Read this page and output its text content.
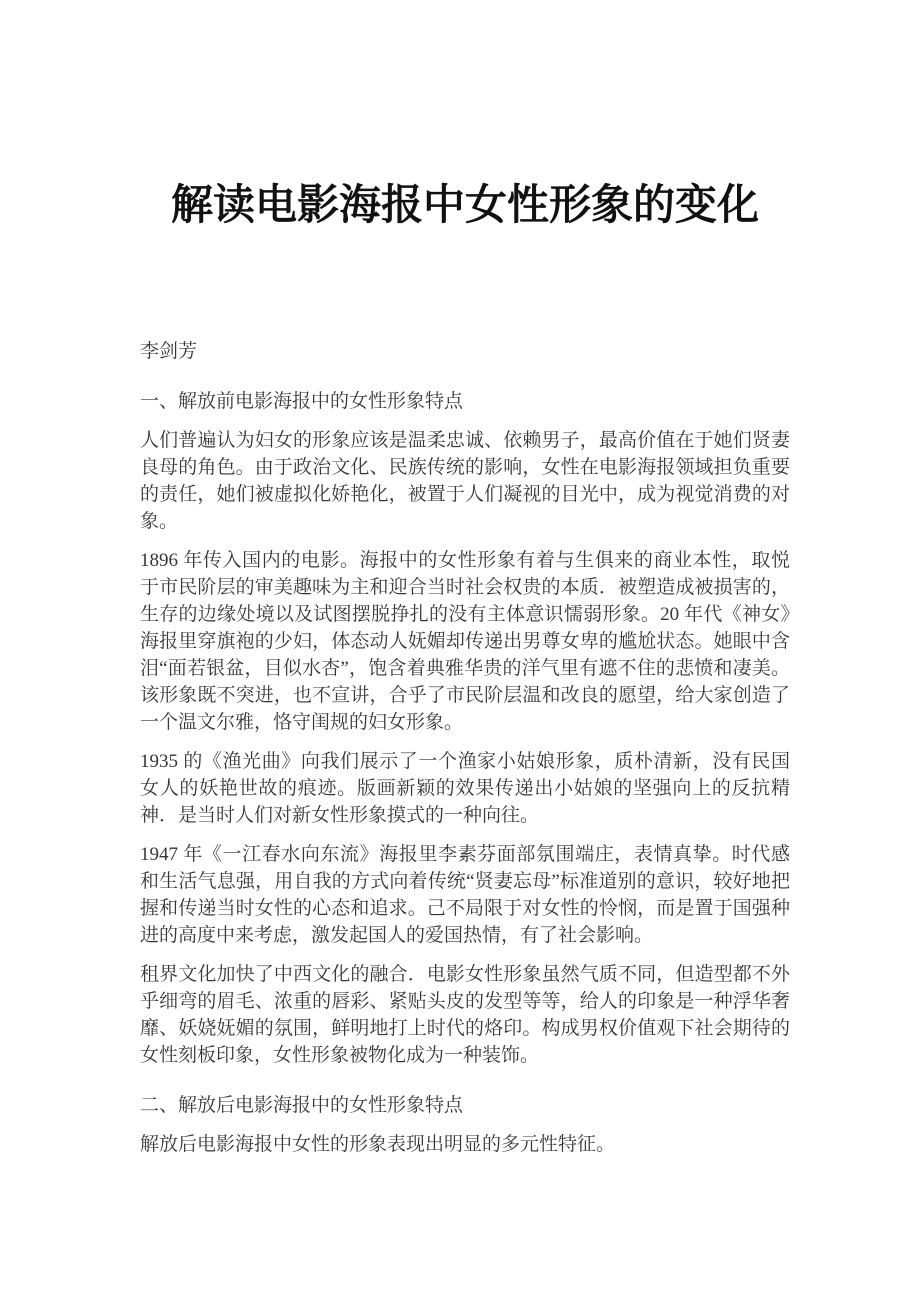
解读电影海报中女性形象的变化
李剑芳
一、解放前电影海报中的女性形象特点

人们普遍认为妇女的形象应该是温柔忠诚、依赖男子，最高价值在于她们贤妻良母的角色。由于政治文化、民族传统的影响，女性在电影海报领域担负重要的责任，她们被虚拟化娇艳化，被置于人们凝视的目光中，成为视觉消费的对象。

1896 年传入国内的电影。海报中的女性形象有着与生俱来的商业本性，取悦于市民阶层的审美趣味为主和迎合当时社会权贵的本质．被塑造成被损害的，生存的边缘处境以及试图摆脱挣扎的没有主体意识懦弱形象。20 年代《神女》海报里穿旗袍的少妇，体态动人妩媚却传递出男尊女卑的尴尬状态。她眼中含泪“面若银盆，目似水杏”，饱含着典雅华贵的洋气里有遮不住的悲愤和凄美。该形象既不突进，也不宣讲，合乎了市民阶层温和改良的愿望，给大家创造了一个温文尔雅，恪守闺规的妇女形象。

1935 的《渔光曲》向我们展示了一个渔家小姑娘形象，质朴清新，没有民国女人的妖艳世故的痕迹。版画新颖的效果传递出小姑娘的坚强向上的反抗精神．是当时人们对新女性形象摸式的一种向往。

1947 年《一江春水向东流》海报里李素芬面部氛围端庄，表情真挚。时代感和生活气息强，用自我的方式向着传统“贤妻忘母”标准道别的意识，较好地把握和传递当时女性的心态和追求。己不局限于对女性的怜悯，而是置于国强种进的高度中来考虑，激发起国人的爱国热情，有了社会影响。

租界文化加快了中西文化的融合．电影女性形象虽然气质不同，但造型都不外乎细弯的眉毛、浓重的唇彩、紧贴头皮的发型等等，给人的印象是一种浮华奢靡、妖娆妩媚的氛围，鲜明地打上时代的烙印。构成男权价值观下社会期待的女性刻板印象，女性形象被物化成为一种装饰。

二、解放后电影海报中的女性形象特点

解放后电影海报中女性的形象表现出明显的多元性特征。
